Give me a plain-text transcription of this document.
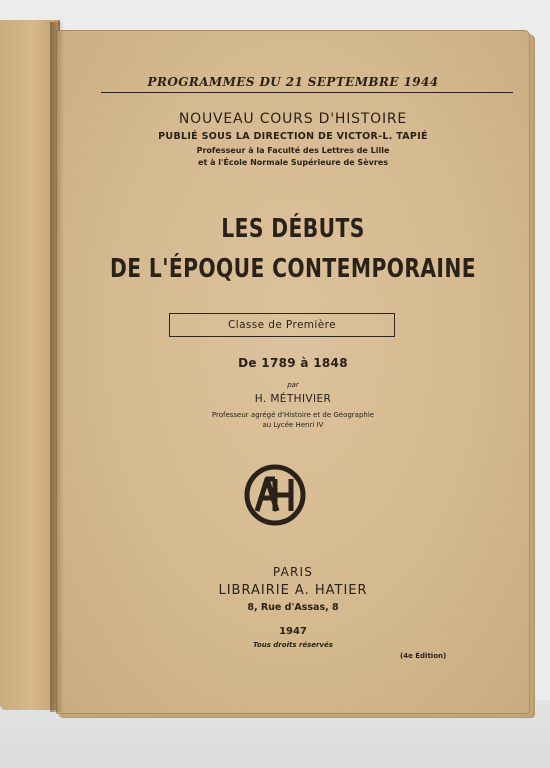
PROGRAMMES DU 21 SEPTEMBRE 1944
NOUVEAU COURS D'HISTOIRE
PUBLIÉ SOUS LA DIRECTION DE VICTOR-L. TAPIÉ
Professeur à la Faculté des Lettres de Lille
et à l'École Normale Supérieure de Sèvres
LES DÉBUTS
DE L'ÉPOQUE CONTEMPORAINE
Classe de Première
De 1789 à 1848
par
H. MÉTHIVIER
Professeur agrégé d'Histoire et de Géographie
au Lycée Henri IV
PARIS
LIBRAIRIE A. HATIER
8, Rue d'Assas, 8
1947
Tous droits réservés
(4e Édition)
